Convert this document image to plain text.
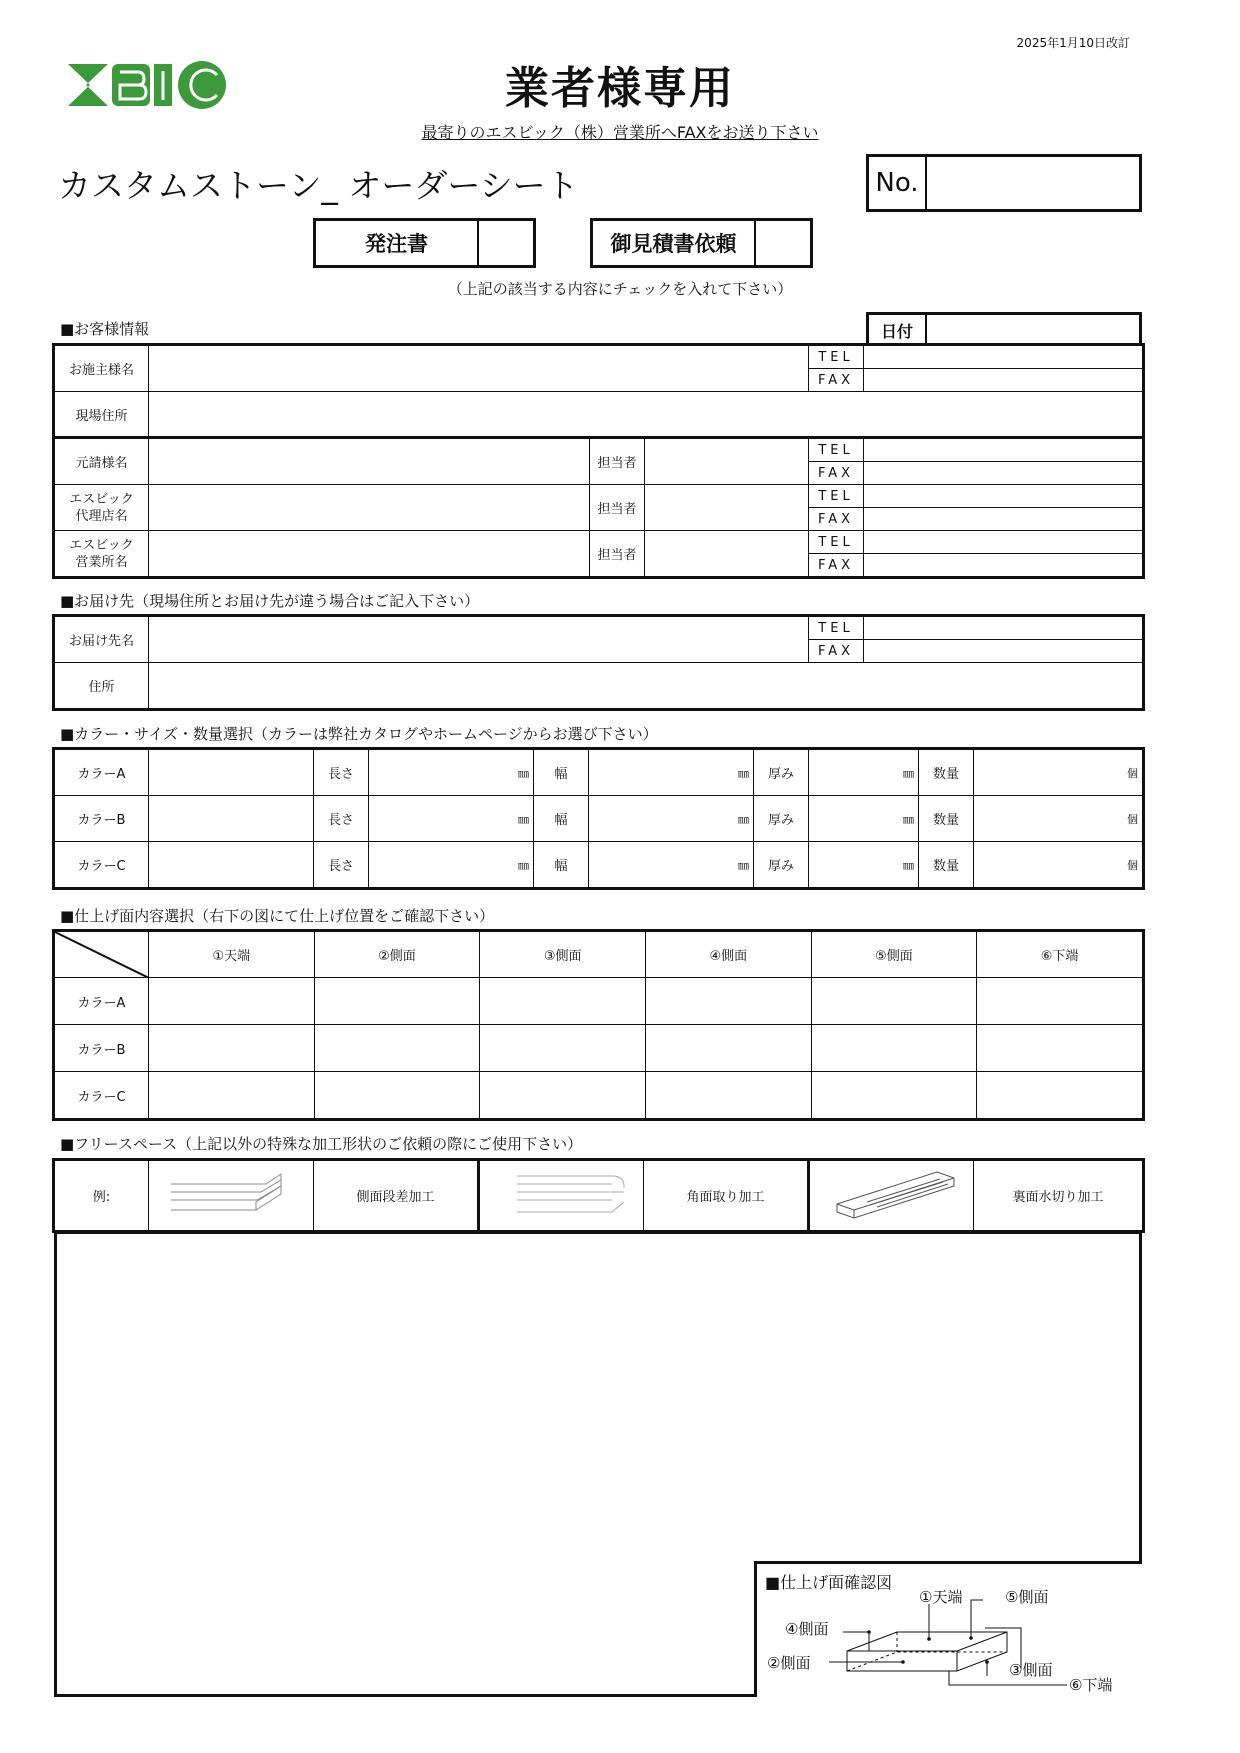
2025年1月10日改訂
業者様専用
最寄りのエスビック（株）営業所へFAXをお送り下さい
カスタムストーン_ オーダーシート	No.
発注書	御見積書依頼
（上記の該当する内容にチェックを入れて下さい）
■お客様情報	日付
お施主様名				TEL	
				FAX	
現場住所					
元請様名		担当者		TEL	
				FAX	

エスビック
代理店名		担当者		TEL	
				FAX	

エスビック
営業所名		担当者		TEL	
				FAX	
■お届け先（現場住所とお届け先が違う場合はご記入下さい）
お届け先名		TEL	
		FAX	
住所			
■カラー・サイズ・数量選択（カラーは弊社カタログやホームページからお選び下さい）
カラーA		長さ	㎜	幅	㎜	厚み	㎜	数量	個
カラーB		長さ	㎜	幅	㎜	厚み	㎜	数量	個
カラーC		長さ	㎜	幅	㎜	厚み	㎜	数量	個
■仕上げ面内容選択（右下の図にて仕上げ位置をご確認下さい）
	①天端	②側面	③側面	④側面	⑤側面	⑥下端
カラーA						
カラーB						
カラーC						
■フリースペース（上記以外の特殊な加工形状のご依頼の際にご使用下さい）
例:		側面段差加工		角面取り加工		裏面水切り加工
■仕上げ面確認図
①天端
②側面	③側面
④側面
⑤側面
⑥下端
